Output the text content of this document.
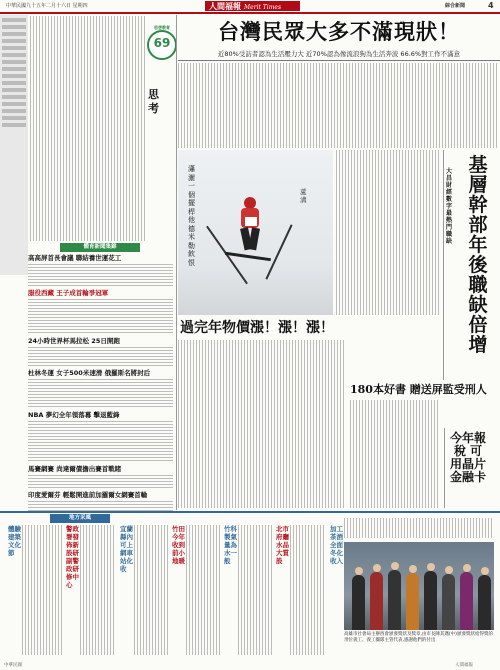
中華民國九十五年二月十六日 星期四	人間福報 Merit Times	綜合新聞	4
思想教育
69
思考
體育新聞集錦
高高屏首長會議 聯結養世運花工
服役西藏 王子成首輪爭冠軍
24小時世界杯馬拉松 25日開跑
杜林冬運 女子500米速滑 俄羅斯名將封后
NBA 夢幻全年領落幕 擊退藍鋒
馬賽網賽 尚達爾債擔出賽首戰睹
印度愛爾芬 輕鬆開進前加羅爾女網賽首輪
台灣民眾大多不滿現狀！
近80%受訪者認為生活壓力大 近70%認為像流浪狗為生活奔波 66.6%對工作不滿意
瀟灑一個擺桿 他德米勒飲恨
蘆溝
過完年物價漲！漲！漲！
基層幹部 年後職缺倍增
大昌 財經 數字 最熱門職缺
180本好書 贈送屏監受刑人
今年報稅 可用晶片金融卡
地方采風
體驗建築文化節
警政署發佈新設研副警政研修中心
宜蘭縣內可上網車站化收
竹田今年收到前小地暖
竹科製氣量為水一般
北市府廳水品大質設
加工茶酒全面冬化收入
高雄市社會局主辦酉會頒發獎狀及獎章,由市長陳其邁(中)頒發獎狀給得獎的卅位義工、義工團隊主管代表,感謝他們的付出
中華民國	人間福報
